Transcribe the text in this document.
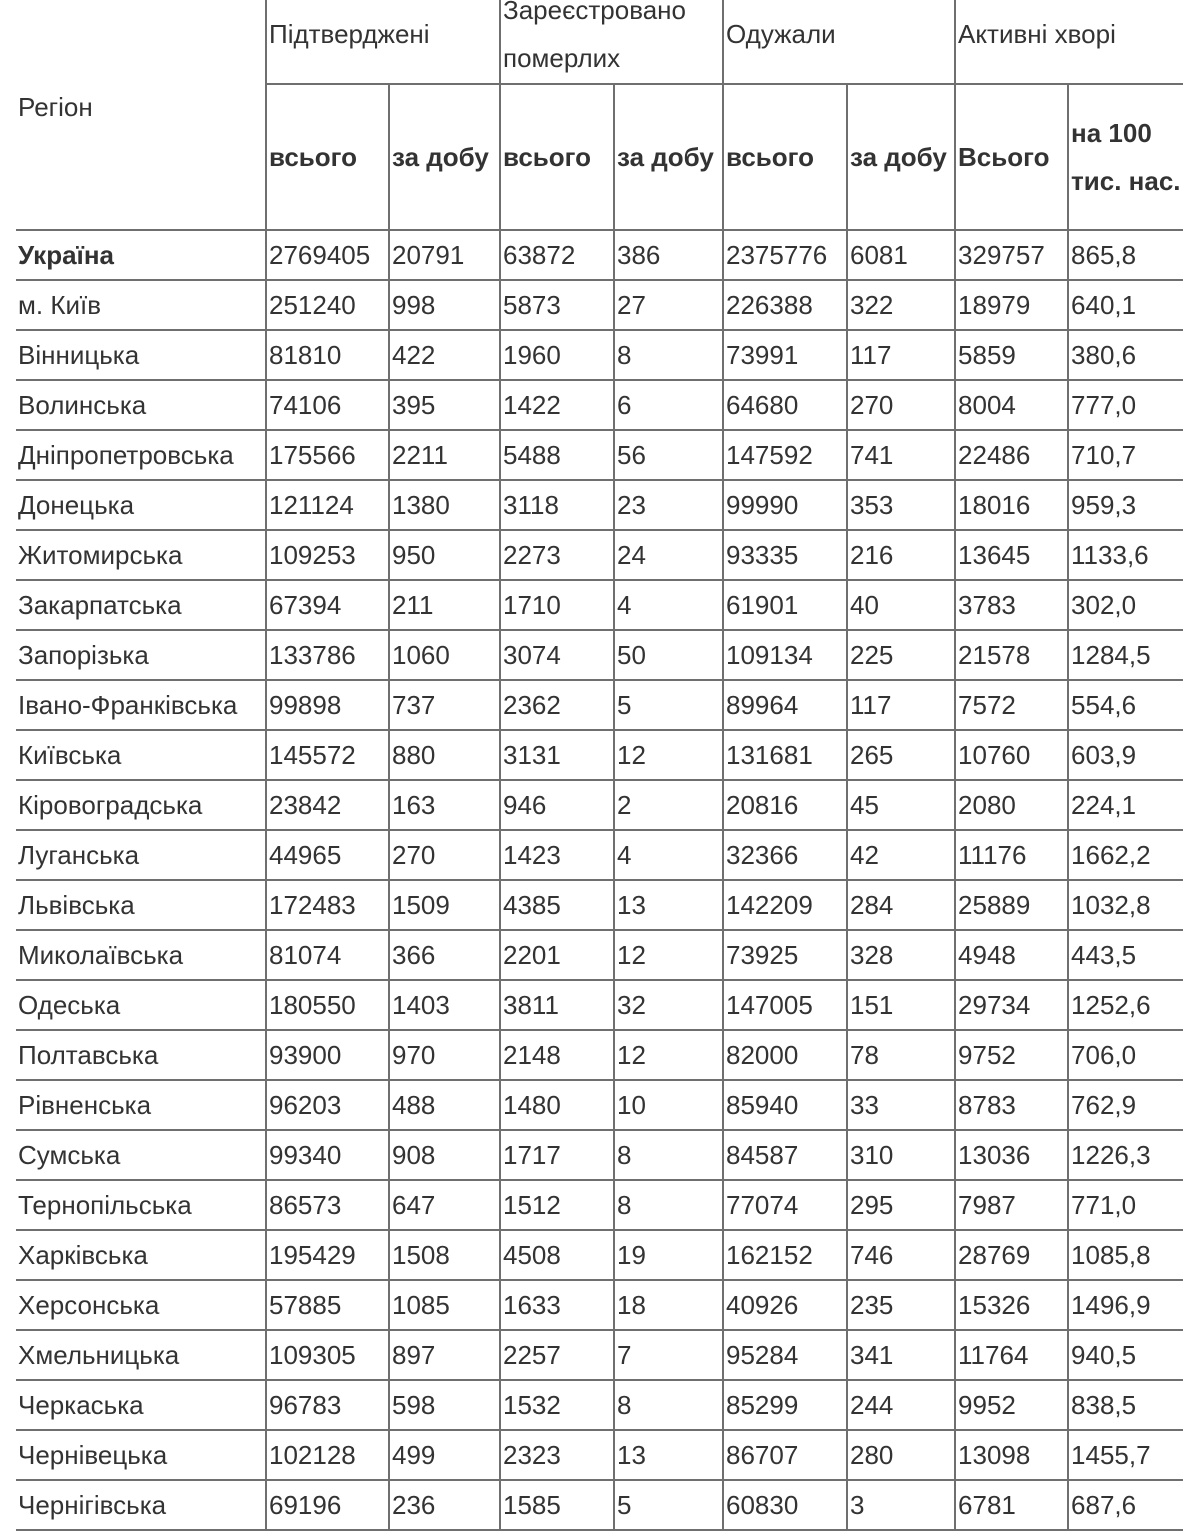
Регіон	Підтверджені		Зареєстровано померлих		Одужали		Активні хворі	
	всього	за добу	всього	за добу	всього	за добу	Всього	на 100 тис. нас.

Україна	2769405	20791	63872	386	2375776	6081	329757	865,8
м. Київ	251240	998	5873	27	226388	322	18979	640,1
Вінницька	81810	422	1960	8	73991	117	5859	380,6
Волинська	74106	395	1422	6	64680	270	8004	777,0
Дніпропетровська	175566	2211	5488	56	147592	741	22486	710,7
Донецька	121124	1380	3118	23	99990	353	18016	959,3
Житомирська	109253	950	2273	24	93335	216	13645	1133,6
Закарпатська	67394	211	1710	4	61901	40	3783	302,0
Запорізька	133786	1060	3074	50	109134	225	21578	1284,5
Івано-Франківська	99898	737	2362	5	89964	117	7572	554,6
Київська	145572	880	3131	12	131681	265	10760	603,9
Кіровоградська	23842	163	946	2	20816	45	2080	224,1
Луганська	44965	270	1423	4	32366	42	11176	1662,2
Львівська	172483	1509	4385	13	142209	284	25889	1032,8
Миколаївська	81074	366	2201	12	73925	328	4948	443,5
Одеська	180550	1403	3811	32	147005	151	29734	1252,6
Полтавська	93900	970	2148	12	82000	78	9752	706,0
Рівненська	96203	488	1480	10	85940	33	8783	762,9
Сумська	99340	908	1717	8	84587	310	13036	1226,3
Тернопільська	86573	647	1512	8	77074	295	7987	771,0
Харківська	195429	1508	4508	19	162152	746	28769	1085,8
Херсонська	57885	1085	1633	18	40926	235	15326	1496,9
Хмельницька	109305	897	2257	7	95284	341	11764	940,5
Черкаська	96783	598	1532	8	85299	244	9952	838,5
Чернівецька	102128	499	2323	13	86707	280	13098	1455,7
Чернігівська	69196	236	1585	5	60830	3	6781	687,6
